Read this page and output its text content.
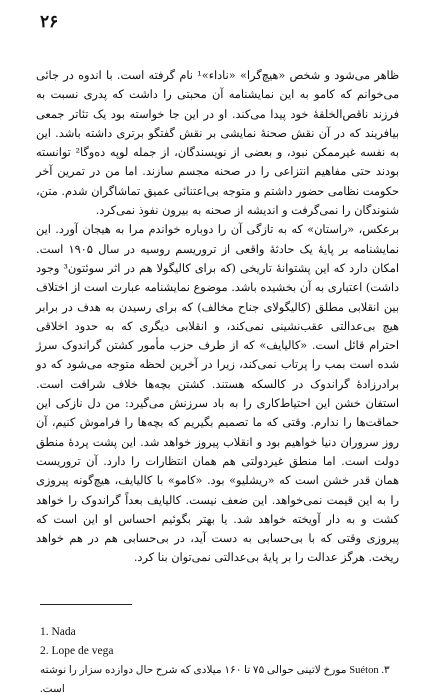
۲۶

ظاهر می‌شود و شخص «هیچ‌گرا» «ناداء»¹ نام گرفته است. با اندوه در جائی می‌خوانم که کامو به این نمایشنامه آن محبتی را داشت که پدری نسبت به فرزند ناقص‌الخلقهٔ خود پیدا می‌کند. او در این جا خواسته بود یک تئاتر جمعی بیافریند که در آن نقش صحنهٔ نمایشی بر نقش گفتگو برتری داشته باشد. این به نفسه غیرممکن نبود، و بعضی از نویسندگان، از جمله لوپه ده‌وگا² توانسته بودند حتی مفاهیم انتزاعی را در صحنه مجسم سازند. اما من در تمرین آخر حکومت نظامی حضور داشتم و متوجه بی‌اعتنائی عمیق تماشاگران شدم. متن، شنوندگان را نمی‌گرفت و اندیشه از صحنه به بیرون نفوذ نمی‌کرد.

برعکس، «راستان» که به تازگی آن را دوباره خواندم مرا به هیجان آورد. این نمایشنامه بر پایهٔ یک حادثهٔ واقعی از تروریسم روسیه در سال ۱۹۰۵ است. امکان دارد که این پشتوانهٔ تاریخی (که برای کالیگولا هم در اثر سوئتون³ وجود داشت) اعتباری به آن بخشیده باشد. موضوع نمایشنامه عبارت است از اختلاف بین انقلابی مطلق (کالیگولای جناح مخالف) که برای رسیدن به هدف در برابر هیچ بی‌عدالتی عقب‌نشینی نمی‌کند، و انقلابی دیگری که به حدود اخلاقی احترام قائل است. «کالیایف» که از طرف حزب مأمور کشتن گراندوک سرژ شده است بمب را پرتاب نمی‌کند، زیرا در آخرین لحظه متوجه می‌شود که دو برادرزادهٔ گراندوک در کالسکه هستند. کشتن بچه‌ها خلاف شرافت است. استفان خشن این احتیاط‌کاری را به باد سرزنش می‌گیرد: من دل نازکی این حماقت‌ها را ندارم. وقتی که ما تصمیم بگیریم که بچه‌ها را فراموش کنیم، آن روز سروران دنیا خواهیم بود و انقلاب پیروز خواهد شد. این پشت پردهٔ منطق دولت است. اما منطق غیردولتی هم همان انتظارات را دارد. آن تروریست همان قدر خشن است که «ریشلیو» بود. «کامو» با کالیایف، هیچ‌گونه پیروزی را به این قیمت نمی‌خواهد. این ضعف نیست. کالیایف بعداً گراندوک را خواهد کشت و به دار آویخته خواهد شد. یا بهتر بگوئیم احساس او این است که پیروزی وقتی که با بی‌حسابی به دست آید، در بی‌حسابی هم در هم خواهد ریخت. هرگز عدالت را بر پایهٔ بی‌عدالتی نمی‌توان بنا کرد.

1. Nada
2. Lope de vega
۳. Suéton مورخ لاتینی حوالی ۷۵ تا ۱۶۰ میلادی که شرح حال دوازده سزار را نوشته است.
